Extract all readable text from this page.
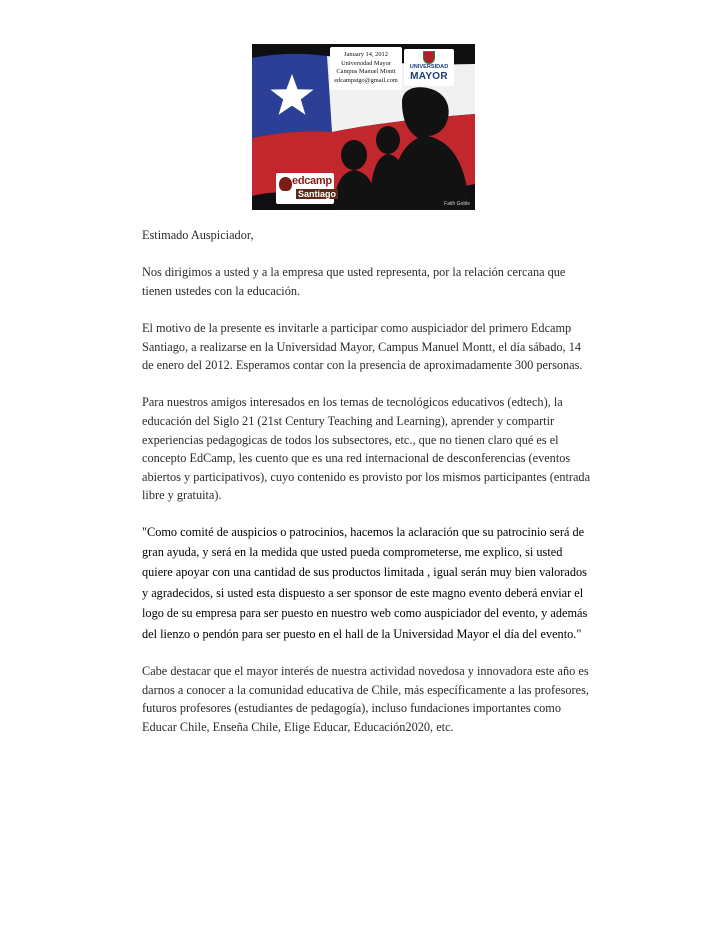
January 14, 2012
Universidad Mayor
Campus Manuel Montt
edcampstgo@gmail.com
UNIVERSIDAD
MAYOR
edcamp
Santiago
Faith Goble

Estimado Auspiciador,

Nos dirigimos a usted y a la empresa que usted representa, por la relación cercana que tienen ustedes con la educación.

El motivo de la presente es invitarle a participar como auspiciador del primero Edcamp Santiago, a realizarse en la Universidad Mayor, Campus Manuel Montt, el día sábado, 14 de enero del 2012. Esperamos contar con la presencia de aproximadamente 300 personas.

Para nuestros amigos interesados en los temas de tecnológicos educativos (edtech), la educación del Siglo 21 (21st Century Teaching and Learning), aprender y compartir experiencias pedagogicas de todos los subsectores, etc., que no tienen claro qué es el concepto EdCamp, les cuento que es una red internacional de desconferencias (eventos abiertos y participativos), cuyo contenido es provisto por los mismos participantes (entrada libre y gratuita).

"Como comité de auspicios o patrocinios, hacemos la aclaración que su patrocinio será de gran ayuda, y será en la medida que usted pueda comprometerse, me explico, si usted quiere apoyar con una cantidad de sus productos limitada , igual serán muy bien valorados y agradecidos, si usted esta dispuesto a ser sponsor de este magno evento deberá enviar el logo de su empresa para ser puesto en nuestro web como auspiciador del evento, y además del lienzo o pendón para ser puesto en el hall de la Universidad Mayor el día del evento."

Cabe destacar que el mayor interés de nuestra actividad novedosa y innovadora este año es darnos a conocer a la comunidad educativa de Chile, más específicamente a las profesores, futuros profesores (estudiantes de pedagogía), incluso fundaciones importantes como Educar Chile, Enseña Chile, Elige Educar, Educación2020, etc.
